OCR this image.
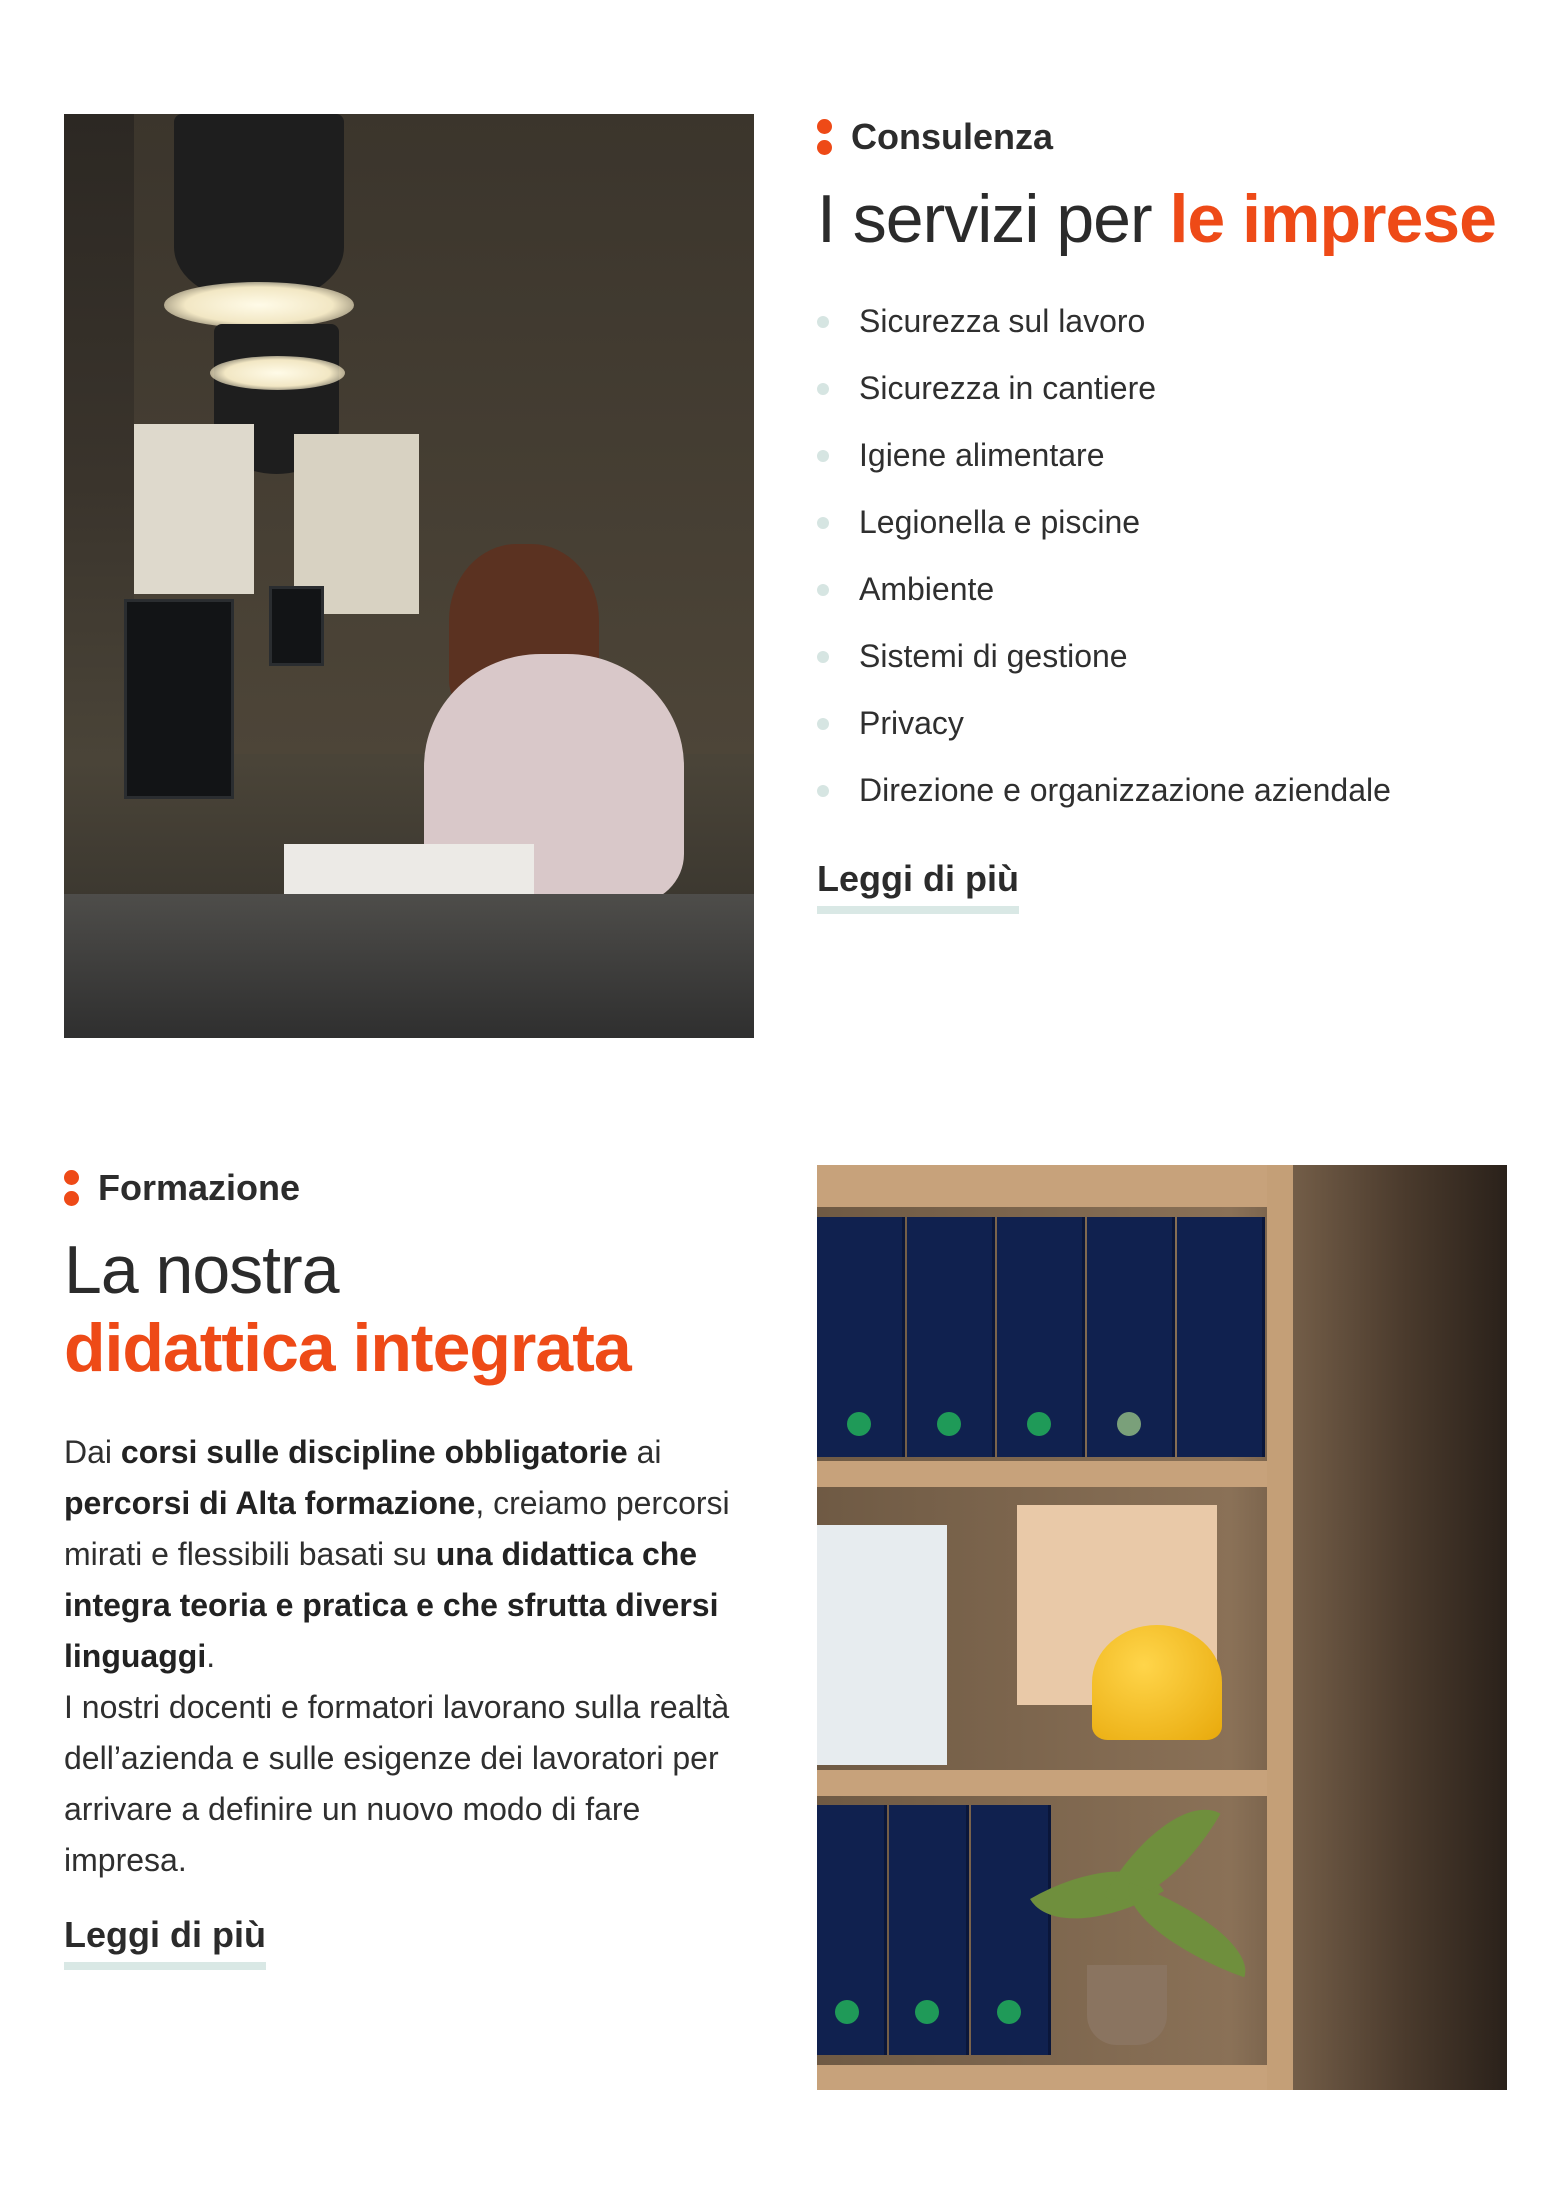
Consulenza
I servizi per le imprese
Sicurezza sul lavoro
Sicurezza in cantiere
Igiene alimentare
Legionella e piscine
Ambiente
Sistemi di gestione
Privacy
Direzione e organizzazione aziendale
Leggi di più
Formazione
La nostra
didattica integrata

Dai corsi sulle discipline obbligatorie ai percorsi di Alta formazione, creiamo percorsi mirati e flessibili basati su una didattica che integra teoria e pratica e che sfrutta diversi linguaggi.
I nostri docenti e formatori lavorano sulla realtà dell’azienda e sulle esigenze dei lavoratori per arrivare a definire un nuovo modo di fare impresa.

Leggi di più
